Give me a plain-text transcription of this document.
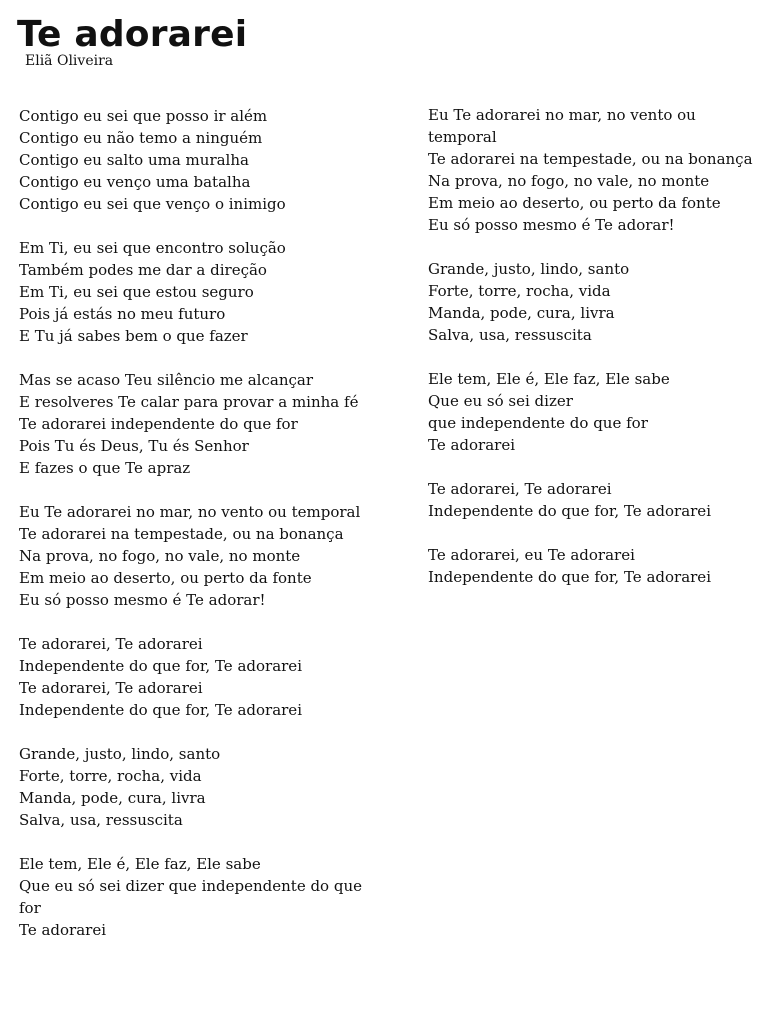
Te adorarei

Eliã Oliveira

Contigo eu sei que posso ir além
Contigo eu não temo a ninguém
Contigo eu salto uma muralha
Contigo eu venço uma batalha
Contigo eu sei que venço o inimigo
Em Ti, eu sei que encontro solução
Também podes me dar a direção
Em Ti, eu sei que estou seguro
Pois já estás no meu futuro
E Tu já sabes bem o que fazer
Mas se acaso Teu silêncio me alcançar
E resolveres Te calar para provar a minha fé
Te adorarei independente do que for
Pois Tu és Deus, Tu és Senhor
E fazes o que Te apraz
Eu Te adorarei no mar, no vento ou temporal
Te adorarei na tempestade, ou na bonança
Na prova, no fogo, no vale, no monte
Em meio ao deserto, ou perto da fonte
Eu só posso mesmo é Te adorar!
Te adorarei, Te adorarei
Independente do que for, Te adorarei
Te adorarei, Te adorarei
Independente do que for, Te adorarei
Grande, justo, lindo, santo
Forte, torre, rocha, vida
Manda, pode, cura, livra
Salva, usa, ressuscita
Ele tem, Ele é, Ele faz, Ele sabe
Que eu só sei dizer que independente do que for
Te adorarei
Eu Te adorarei no mar, no vento ou temporal
Te adorarei na tempestade, ou na bonança
Na prova, no fogo, no vale, no monte
Em meio ao deserto, ou perto da fonte
Eu só posso mesmo é Te adorar!
Grande, justo, lindo, santo
Forte, torre, rocha, vida
Manda, pode, cura, livra
Salva, usa, ressuscita
Ele tem, Ele é, Ele faz, Ele sabe
Que eu só sei dizer
que independente do que for
Te adorarei
Te adorarei, Te adorarei
Independente do que for, Te adorarei
Te adorarei, eu Te adorarei
Independente do que for, Te adorarei
